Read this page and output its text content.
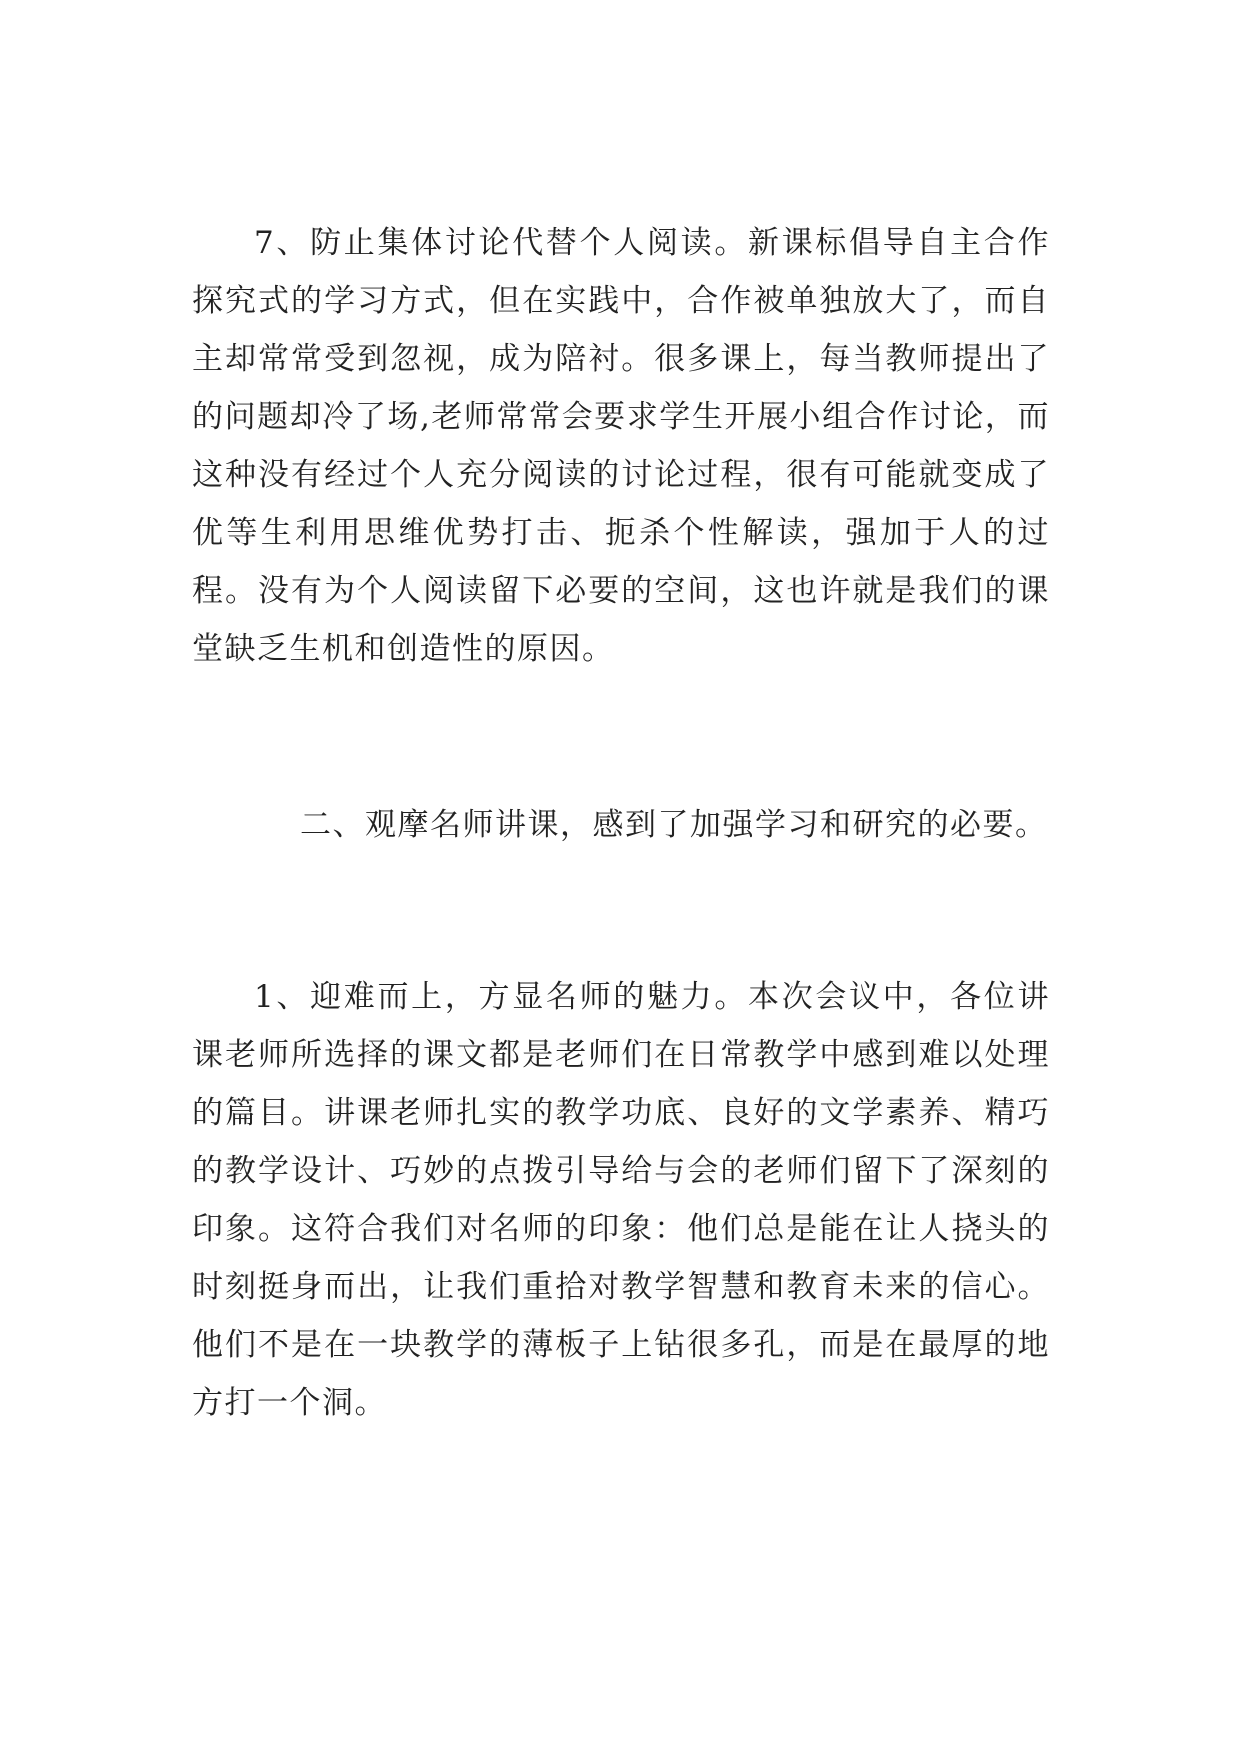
7、防止集体讨论代替个人阅读。新课标倡导自主合作探究式的学习方式，但在实践中，合作被单独放大了，而自主却常常受到忽视，成为陪衬。很多课上，每当教师提出了的问题却冷了场,老师常常会要求学生开展小组合作讨论，而这种没有经过个人充分阅读的讨论过程，很有可能就变成了优等生利用思维优势打击、扼杀个性解读，强加于人的过程。没有为个人阅读留下必要的空间，这也许就是我们的课堂缺乏生机和创造性的原因。

二、观摩名师讲课，感到了加强学习和研究的必要。

1、迎难而上，方显名师的魅力。本次会议中，各位讲课老师所选择的课文都是老师们在日常教学中感到难以处理的篇目。讲课老师扎实的教学功底、良好的文学素养、精巧的教学设计、巧妙的点拨引导给与会的老师们留下了深刻的印象。这符合我们对名师的印象：他们总是能在让人挠头的时刻挺身而出，让我们重拾对教学智慧和教育未来的信心。他们不是在一块教学的薄板子上钻很多孔，而是在最厚的地方打一个洞。
